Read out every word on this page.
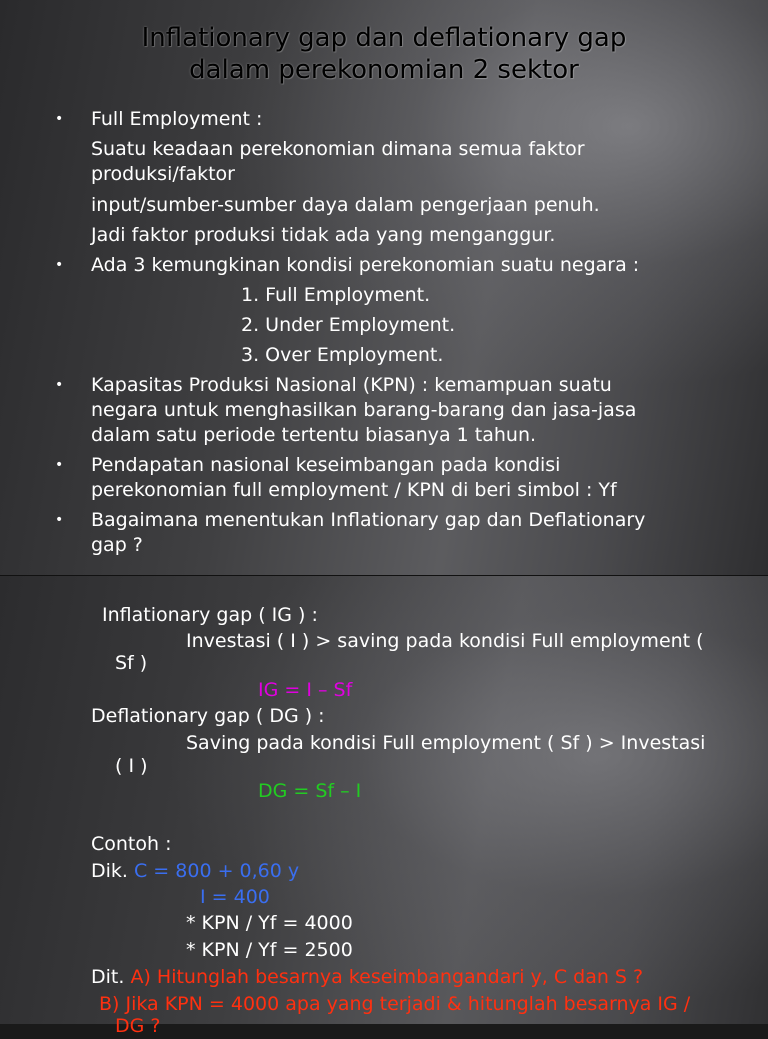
Inflationary gap dan deflationary gap
dalam perekonomian 2 sektor
• Full Employment :
Suatu keadaan perekonomian dimana semua faktor
produksi/faktor
input/sumber-sumber daya dalam pengerjaan penuh.
Jadi faktor produksi tidak ada yang menganggur.
• Ada 3 kemungkinan kondisi perekonomian suatu negara :
1. Full Employment.
2. Under Employment.
3. Over Employment.
• Kapasitas Produksi Nasional (KPN) : kemampuan suatu
negara untuk menghasilkan barang-barang dan jasa-jasa
dalam satu periode tertentu biasanya 1 tahun.
• Pendapatan nasional keseimbangan pada kondisi
perekonomian full employment / KPN di beri simbol : Yf
• Bagaimana menentukan Inflationary gap dan Deflationary
gap ?
Inflationary gap ( IG ) :
Investasi ( I ) > saving pada kondisi Full employment (
Sf )
IG = I – Sf
Deflationary gap ( DG ) :
Saving pada kondisi Full employment ( Sf ) > Investasi
( I )
DG = Sf – I
Contoh :
Dik. C = 800 + 0,60 y
I = 400
* KPN / Yf = 4000
* KPN / Yf = 2500
Dit. A) Hitunglah besarnya keseimbangandari y, C dan S ?
B) Jika KPN = 4000 apa yang terjadi & hitunglah besarnya IG /
DG ?
